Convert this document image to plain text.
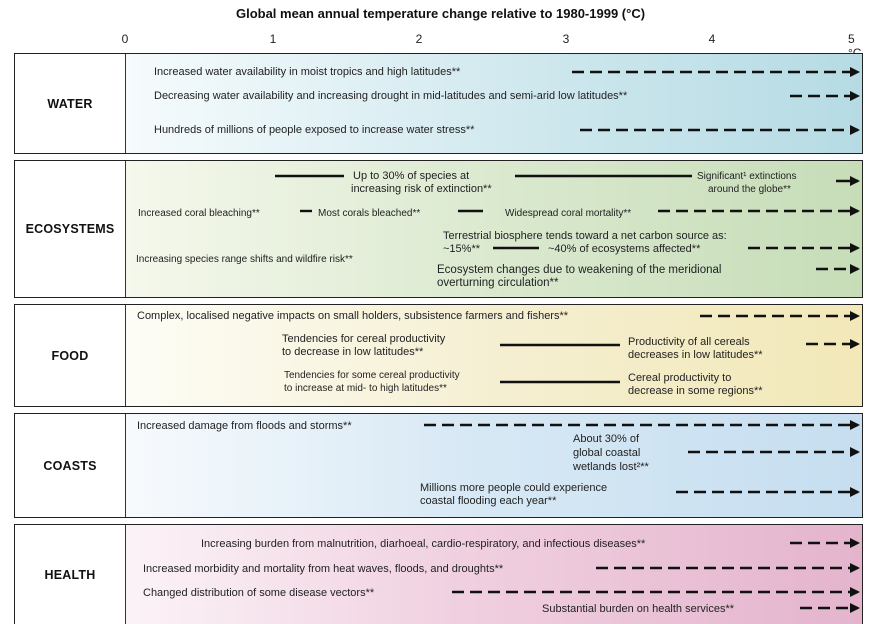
Global mean annual temperature change relative to 1980-1999 (°C)
0	1	2	3	4	5
WATER
Increased water availability in moist tropics and high latitudes**
Decreasing water availability and increasing drought in mid-latitudes and semi-arid low latitudes**
Hundreds of millions of people exposed to increase water stress**
ECOSYSTEMS
Up to 30% of species at
increasing risk of extinction**
Significant¹ extinctions
around the globe**
Increased coral bleaching**	Most corals bleached**	Widespread coral mortality**
Terrestrial biosphere tends toward a net carbon source as:
~15%**	~40% of ecosystems affected**
Increasing species range shifts and wildfire risk**
Ecosystem changes due to weakening of the meridional
overturning circulation**
FOOD
Complex, localised negative impacts on small holders, subsistence farmers and fishers**
Tendencies for cereal productivity
to decrease in low latitudes**
Productivity of all cereals
decreases in low latitudes**
Tendencies for some cereal productivity
to increase at mid- to high latitudes**
Cereal productivity to
decrease in some regions**
COASTS
Increased damage from floods and storms**
About 30% of
global coastal
wetlands lost²**
Millions more people could experience
coastal flooding each year**
HEALTH
Increasing burden from malnutrition, diarhoeal, cardio-respiratory, and infectious diseases**
Increased morbidity and mortality from heat waves, floods, and droughts**
Changed distribution of some disease vectors**
Substantial burden on health services**
